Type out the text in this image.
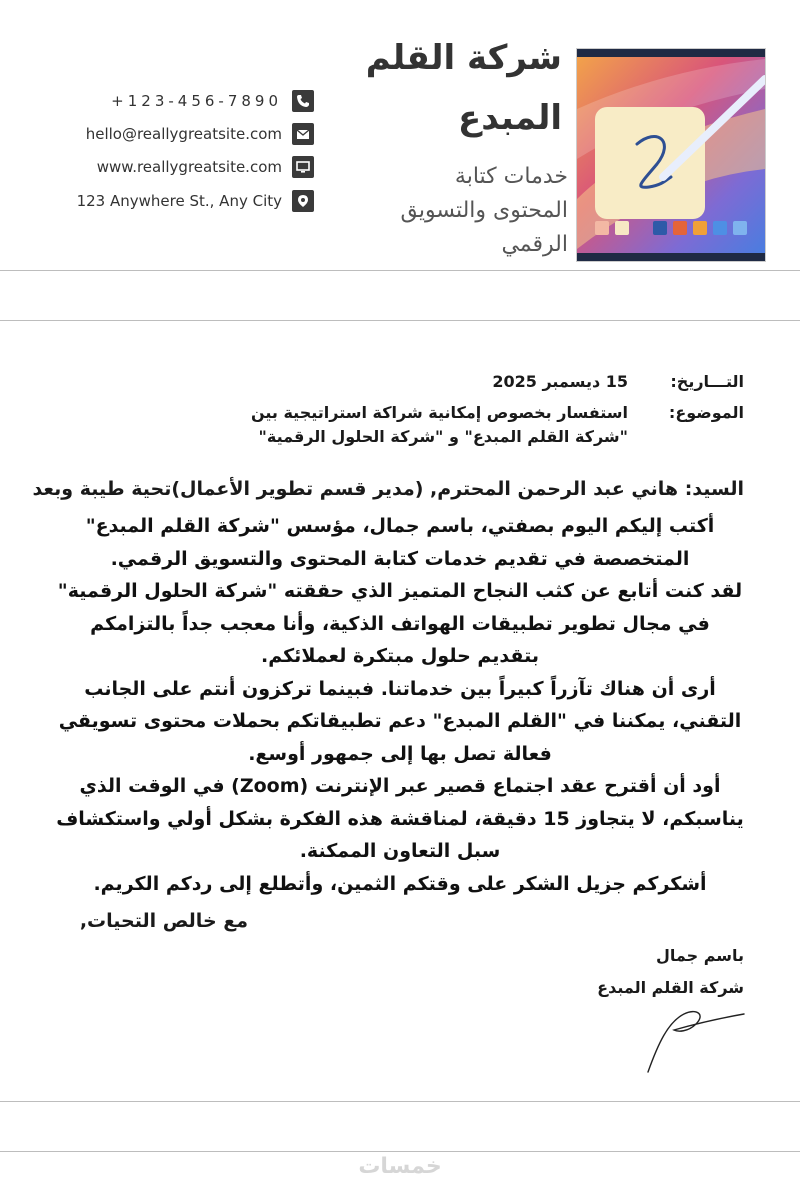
شركة القلم
المبدع
خدمات كتابة
المحتوى والتسويق
الرقمي
+123-456-7890
hello@reallygreatsite.com
www.reallygreatsite.com
123 Anywhere St., Any City
التـــاريخ:
15 ديسمبر 2025
الموضوع:
استفسار بخصوص إمكانية شراكة استراتيجية بين
"شركة القلم المبدع" و "شركة الحلول الرقمية"
السيد: هاني عبد الرحمن المحترم, (مدير قسم تطوير الأعمال)تحية طيبة وبعد
أكتب إليكم اليوم بصفتي، باسم جمال، مؤسس "شركة القلم المبدع"
المتخصصة في تقديم خدمات كتابة المحتوى والتسويق الرقمي.
لقد كنت أتابع عن كثب النجاح المتميز الذي حققته "شركة الحلول الرقمية"
في مجال تطوير تطبيقات الهواتف الذكية، وأنا معجب جداً بالتزامكم
بتقديم حلول مبتكرة لعملائكم.
أرى أن هناك تآزراً كبيراً بين خدماتنا. فبينما تركزون أنتم على الجانب
التقني، يمكننا في "القلم المبدع" دعم تطبيقاتكم بحملات محتوى تسويقي
فعالة تصل بها إلى جمهور أوسع.
أود أن أقترح عقد اجتماع قصير عبر الإنترنت (Zoom) في الوقت الذي
يناسبكم، لا يتجاوز 15 دقيقة، لمناقشة هذه الفكرة بشكل أولي واستكشاف
سبل التعاون الممكنة.
أشكركم جزيل الشكر على وقتكم الثمين، وأتطلع إلى ردكم الكريم.
مع خالص التحيات,
باسم جمال
شركة القلم المبدع
خمسات
